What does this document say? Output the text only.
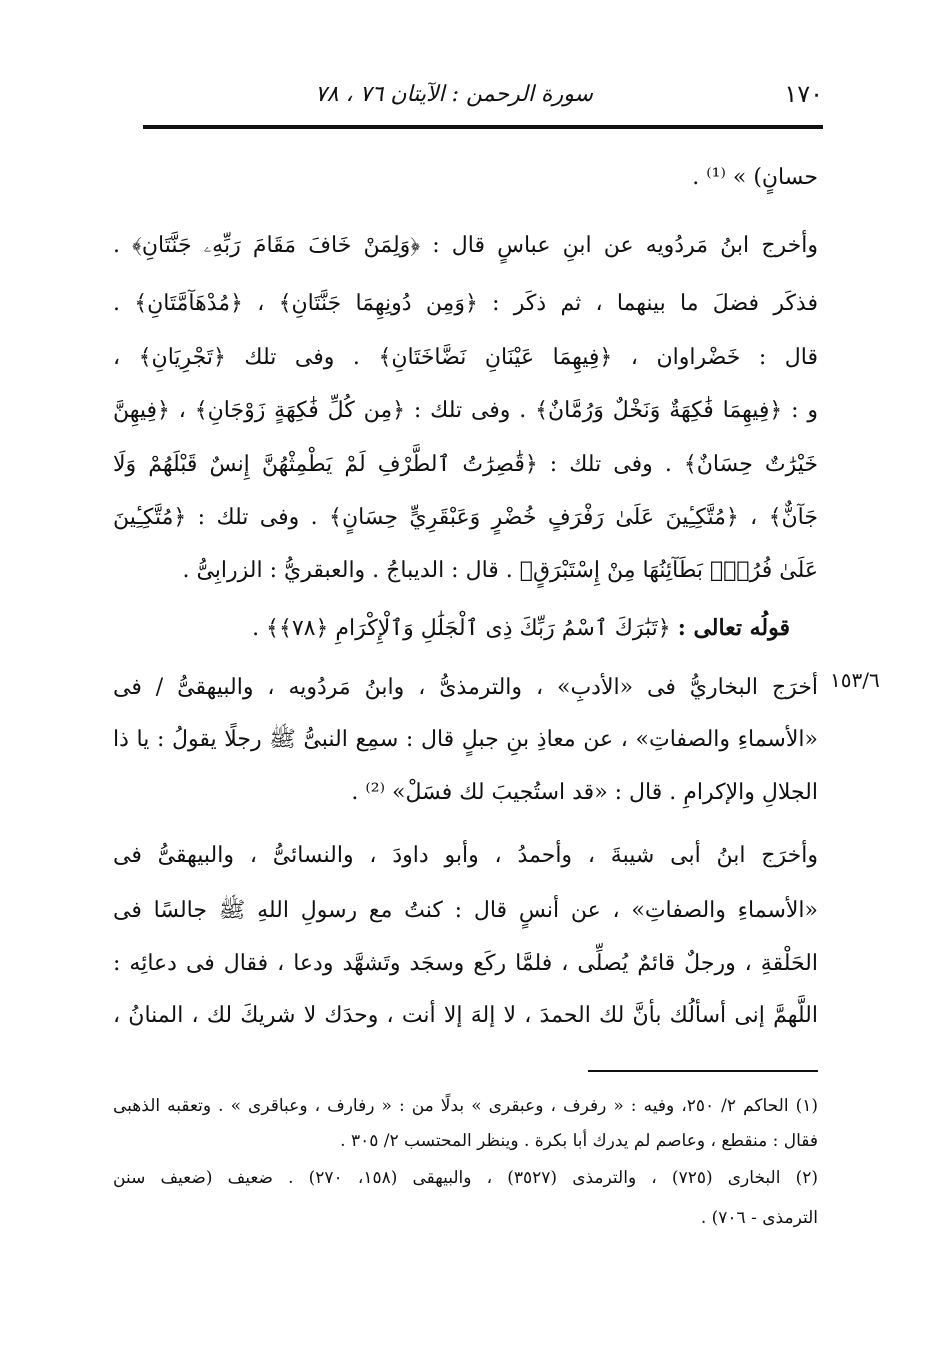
١٧٠
سورة الرحمن : الآيتان ٧٦ ، ٧٨
حسانٍ) » ⁽¹⁾ .
وأخرج ابنُ مَردُويه عن ابنِ عباسٍ قال : ﴿وَلِمَنْ خَافَ مَقَامَ رَبِّهِۦ جَنَّتَانِ﴾ .
فذكَر فضلَ ما بينهما ، ثم ذكَر : ﴿وَمِن دُونِهِمَا جَنَّتَانِ﴾ ، ﴿مُدْهَآمَّتَانِ﴾ .
قال : خَضْراوان ، ﴿فِيهِمَا عَيْنَانِ نَضَّاخَتَانِ﴾ . وفى تلك ﴿تَجْرِيَانِ﴾ ،
و : ﴿فِيهِمَا فَٰكِهَةٌ وَنَخْلٌ وَرُمَّانٌ﴾ . وفى تلك : ﴿مِن كُلِّ فَٰكِهَةٍ زَوْجَانِ﴾ ، ﴿فِيهِنَّ
خَيْرَٰتٌ حِسَانٌ﴾ . وفى تلك : ﴿قَٰصِرَٰتُ ٱلطَّرْفِ لَمْ يَطْمِثْهُنَّ إِنسٌ قَبْلَهُمْ وَلَا
جَآنٌّ﴾ ، ﴿مُتَّكِـِٔينَ عَلَىٰ رَفْرَفٍ خُضْرٍ وَعَبْقَرِيٍّ حِسَانٍ﴾ . وفى تلك : ﴿مُتَّكِـِٔينَ
عَلَىٰ فُرُشٍۭ بَطَآئِنُهَا مِنْ إِسْتَبْرَقٍ﴾ . قال : الديباجُ . والعبقريُّ : الزرابِىُّ .
قولُه تعالى : ﴿تَبَٰرَكَ ٱسْمُ رَبِّكَ ذِى ٱلْجَلَٰلِ وَٱلْإِكْرَامِ ﴿٧٨﴾﴾ .
١٥٣/٦
أخرَج البخاريُّ فى «الأدبِ» ، والترمذىُّ ، وابنُ مَردُويه ، والبيهقىُّ / فى
«الأسماءِ والصفاتِ» ، عن معاذِ بنِ جبلٍ قال : سمِع النبىُّ ﷺ رجلًا يقولُ : يا ذا
الجلالِ والإكرامِ . قال : «قد استُجيبَ لك فسَلْ» ⁽²⁾ .
وأخرَج ابنُ أبى شيبةَ ، وأحمدُ ، وأبو داودَ ، والنسائىُّ ، والبيهقىُّ فى
«الأسماءِ والصفاتِ» ، عن أنسٍ قال : كنتُ مع رسولِ اللهِ ﷺ جالسًا فى
الحَلْقةِ ، ورجلٌ قائمٌ يُصلِّى ، فلمَّا ركَع وسجَد وتَشهَّد ودعا ، فقال فى دعائِه :
اللَّهمَّ إنى أسألُك بأنَّ لك الحمدَ ، لا إلهَ إلا أنت ، وحدَك لا شريكَ لك ، المنانُ ،
(١) الحاكم ٢/ ٢٥٠، وفيه : « رفرف ، وعبقرى » بدلًا من : « رفارف ، وعباقرى » . وتعقبه الذهبى
فقال : منقطع ، وعاصم لم يدرك أبا بكرة . وينظر المحتسب ٢/ ٣٠٥ .
(٢) البخارى (٧٢٥) ، والترمذى (٣٥٢٧) ، والبيهقى (١٥٨، ٢٧٠) . ضعيف (ضعيف سنن
الترمذى - ٧٠٦) .
